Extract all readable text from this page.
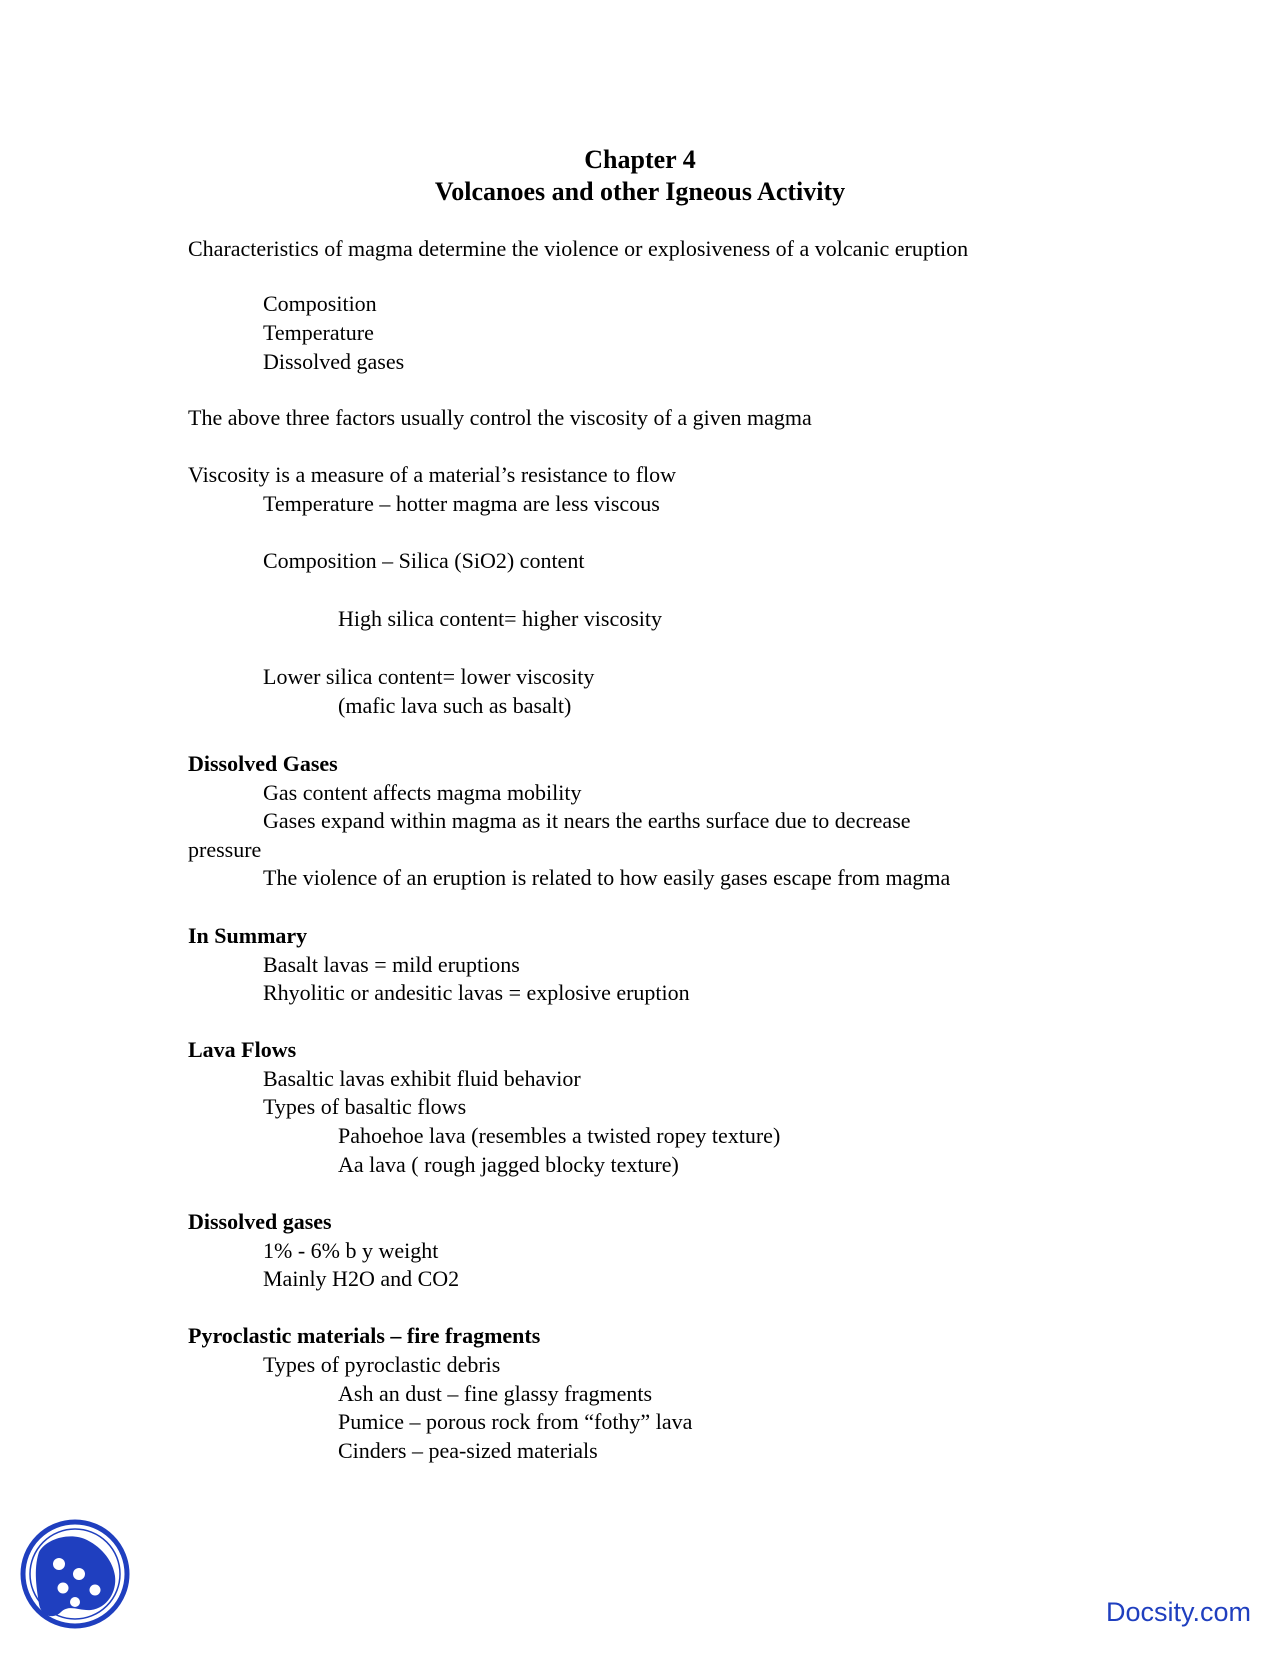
Chapter 4
Volcanoes and other Igneous Activity
Characteristics of magma determine the violence or explosiveness of a volcanic eruption
Composition
Temperature
Dissolved gases
The above three factors usually control the viscosity of a given magma
Viscosity is a measure of a material’s resistance to flow
Temperature – hotter magma are less viscous
Composition – Silica (SiO2) content
High silica content= higher viscosity
Lower silica content= lower viscosity
(mafic lava such as basalt)
Dissolved Gases
Gas content affects magma mobility
Gases expand within magma as it nears the earths surface due to decrease
pressure
The violence of an eruption is related to how easily gases escape from magma
In Summary
Basalt lavas = mild eruptions
Rhyolitic or andesitic lavas = explosive eruption
Lava Flows
Basaltic lavas exhibit fluid behavior
Types of basaltic flows
Pahoehoe lava (resembles a twisted ropey texture)
Aa lava ( rough jagged blocky texture)
Dissolved gases
1% - 6% b y weight
Mainly H2O and CO2
Pyroclastic materials – fire fragments
Types of pyroclastic debris
Ash an dust – fine glassy fragments
Pumice – porous rock from “fothy” lava
Cinders – pea-sized materials
Docsity.com
